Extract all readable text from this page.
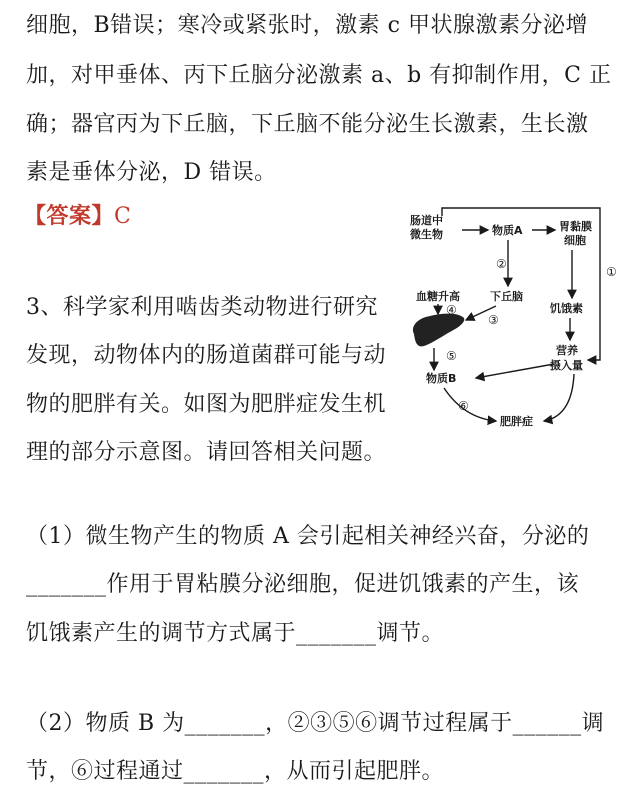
细胞，B错误；寒冷或紧张时，激素 c 甲状腺激素分泌增
加，对甲垂体、丙下丘脑分泌激素 a、b 有抑制作用，C 正
确；器官丙为下丘脑，下丘脑不能分泌生长激素，生长激
素是垂体分泌，D 错误。
【答案】C
3、科学家利用啮齿类动物进行研究
发现，动物体内的肠道菌群可能与动
物的肥胖有关。如图为肥胖症发生机
理的部分示意图。请回答相关问题。
（1）微生物产生的物质 A 会引起相关神经兴奋，分泌的
_______作用于胃粘膜分泌细胞，促进饥饿素的产生，该
饥饿素产生的调节方式属于_______调节。
（2）物质 B 为_______，②③⑤⑥调节过程属于______调
节，⑥过程通过_______，从而引起肥胖。
肠道中
微生物	物质A	胃黏膜
细胞
血糖升高	下丘脑
饥饿素
营养
摄入量
物质B
肥胖症
①
②
③
④
⑤
⑥
